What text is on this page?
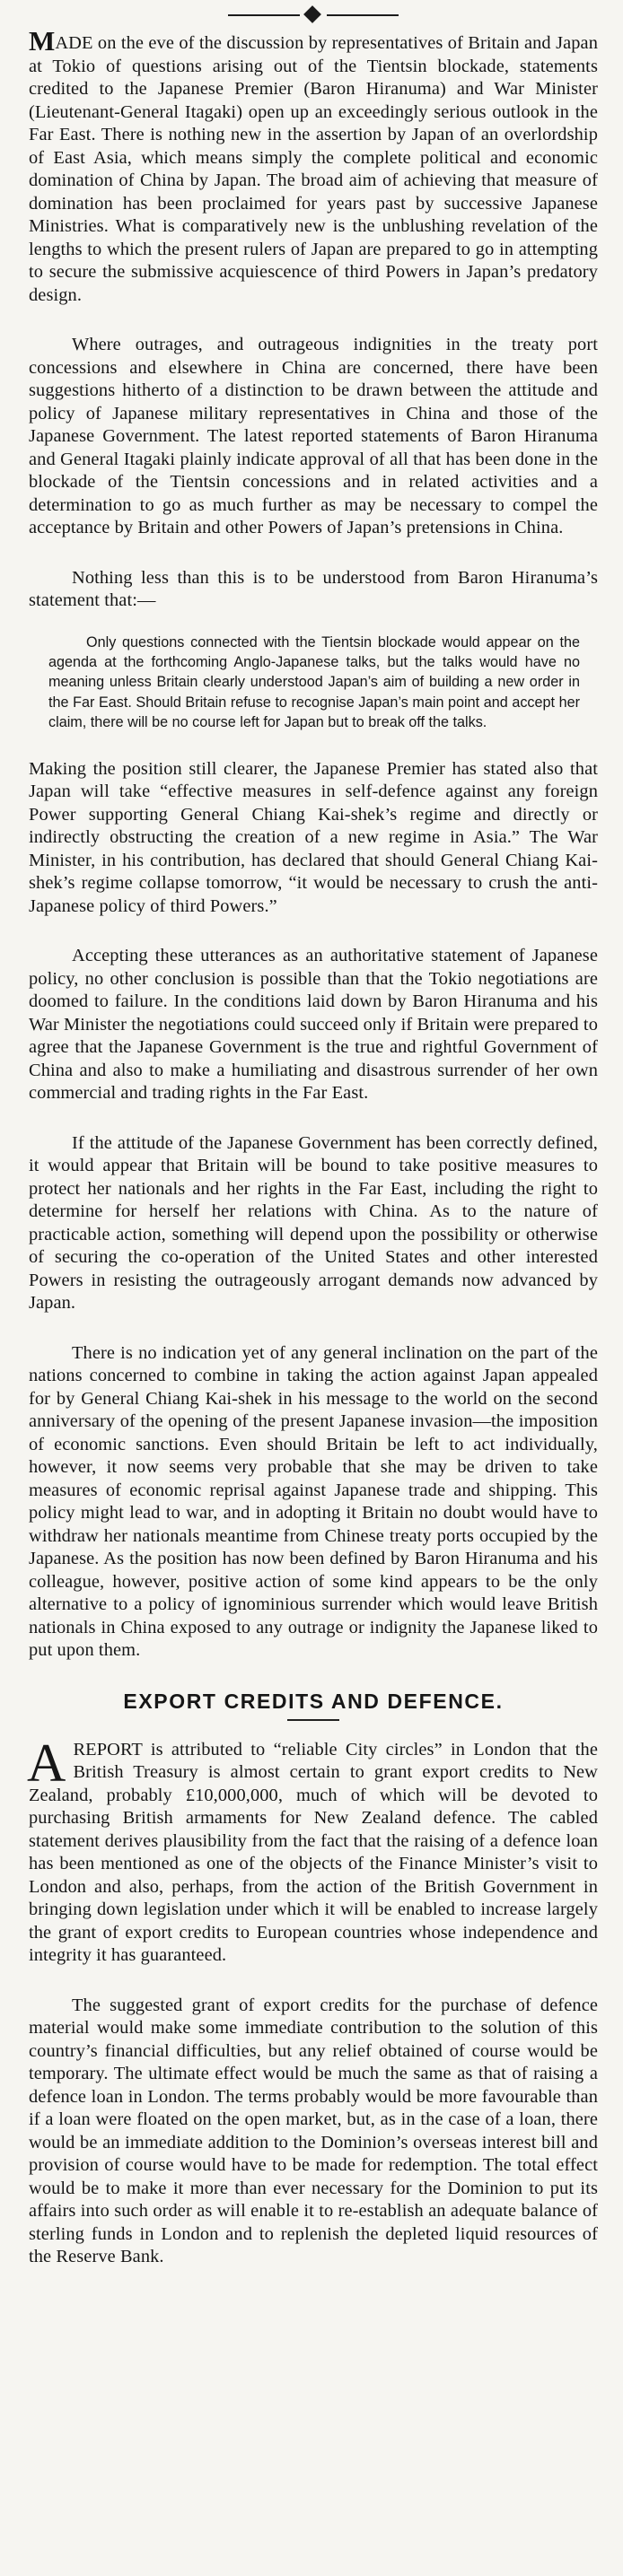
MADE on the eve of the discussion by representatives of Britain and Japan at Tokio of questions arising out of the Tientsin blockade, statements credited to the Japanese Premier (Baron Hiranuma) and War Minister (Lieutenant-General Itagaki) open up an exceedingly serious outlook in the Far East. There is nothing new in the assertion by Japan of an overlordship of East Asia, which means simply the complete political and economic domination of China by Japan. The broad aim of achieving that measure of domination has been proclaimed for years past by successive Japanese Ministries. What is comparatively new is the unblushing revelation of the lengths to which the present rulers of Japan are prepared to go in attempting to secure the submissive acquiescence of third Powers in Japan’s predatory design.

Where outrages, and outrageous indignities in the treaty port concessions and elsewhere in China are concerned, there have been suggestions hitherto of a distinction to be drawn between the attitude and policy of Japanese military representatives in China and those of the Japanese Government. The latest reported statements of Baron Hiranuma and General Itagaki plainly indicate approval of all that has been done in the blockade of the Tientsin concessions and in related activities and a determination to go as much further as may be necessary to compel the acceptance by Britain and other Powers of Japan’s pretensions in China.

Nothing less than this is to be understood from Baron Hiranuma’s statement that:—

Only questions connected with the Tientsin blockade would appear on the agenda at the forthcoming Anglo-Japanese talks, but the talks would have no meaning unless Britain clearly understood Japan’s aim of building a new order in the Far East. Should Britain refuse to recognise Japan’s main point and accept her claim, there will be no course left for Japan but to break off the talks.

Making the position still clearer, the Japanese Premier has stated also that Japan will take “effective measures in self-defence against any foreign Power supporting General Chiang Kai-shek’s regime and directly or indirectly obstructing the creation of a new regime in Asia.” The War Minister, in his contribution, has declared that should General Chiang Kai-shek’s regime collapse tomorrow, “it would be necessary to crush the anti-Japanese policy of third Powers.”

Accepting these utterances as an authoritative statement of Japanese policy, no other conclusion is possible than that the Tokio negotiations are doomed to failure. In the conditions laid down by Baron Hiranuma and his War Minister the negotiations could succeed only if Britain were prepared to agree that the Japanese Government is the true and rightful Government of China and also to make a humiliating and disastrous surrender of her own commercial and trading rights in the Far East.

If the attitude of the Japanese Government has been correctly defined, it would appear that Britain will be bound to take positive measures to protect her nationals and her rights in the Far East, including the right to determine for herself her relations with China. As to the nature of practicable action, something will depend upon the possibility or otherwise of securing the co-operation of the United States and other interested Powers in resisting the outrageously arrogant demands now advanced by Japan.

There is no indication yet of any general inclination on the part of the nations concerned to combine in taking the action against Japan appealed for by General Chiang Kai-shek in his message to the world on the second anniversary of the opening of the present Japanese invasion—the imposition of economic sanctions. Even should Britain be left to act individually, however, it now seems very probable that she may be driven to take measures of economic reprisal against Japanese trade and shipping. This policy might lead to war, and in adopting it Britain no doubt would have to withdraw her nationals meantime from Chinese treaty ports occupied by the Japanese. As the position has now been defined by Baron Hiranuma and his colleague, however, positive action of some kind appears to be the only alternative to a policy of ignominious surrender which would leave British nationals in China exposed to any outrage or indignity the Japanese liked to put upon them.

EXPORT CREDITS AND DEFENCE.

AREPORT is attributed to “reliable City circles” in London that the British Treasury is almost certain to grant export credits to New Zealand, probably £10,000,000, much of which will be devoted to purchasing British armaments for New Zealand defence. The cabled statement derives plausibility from the fact that the raising of a defence loan has been mentioned as one of the objects of the Finance Minister’s visit to London and also, perhaps, from the action of the British Government in bringing down legislation under which it will be enabled to increase largely the grant of export credits to European countries whose independence and integrity it has guaranteed.

The suggested grant of export credits for the purchase of defence material would make some immediate contribution to the solution of this country’s financial difficulties, but any relief obtained of course would be temporary. The ultimate effect would be much the same as that of raising a defence loan in London. The terms probably would be more favourable than if a loan were floated on the open market, but, as in the case of a loan, there would be an immediate addition to the Dominion’s overseas interest bill and provision of course would have to be made for redemption. The total effect would be to make it more than ever necessary for the Dominion to put its affairs into such order as will enable it to re-establish an adequate balance of sterling funds in London and to replenish the depleted liquid resources of the Reserve Bank.
